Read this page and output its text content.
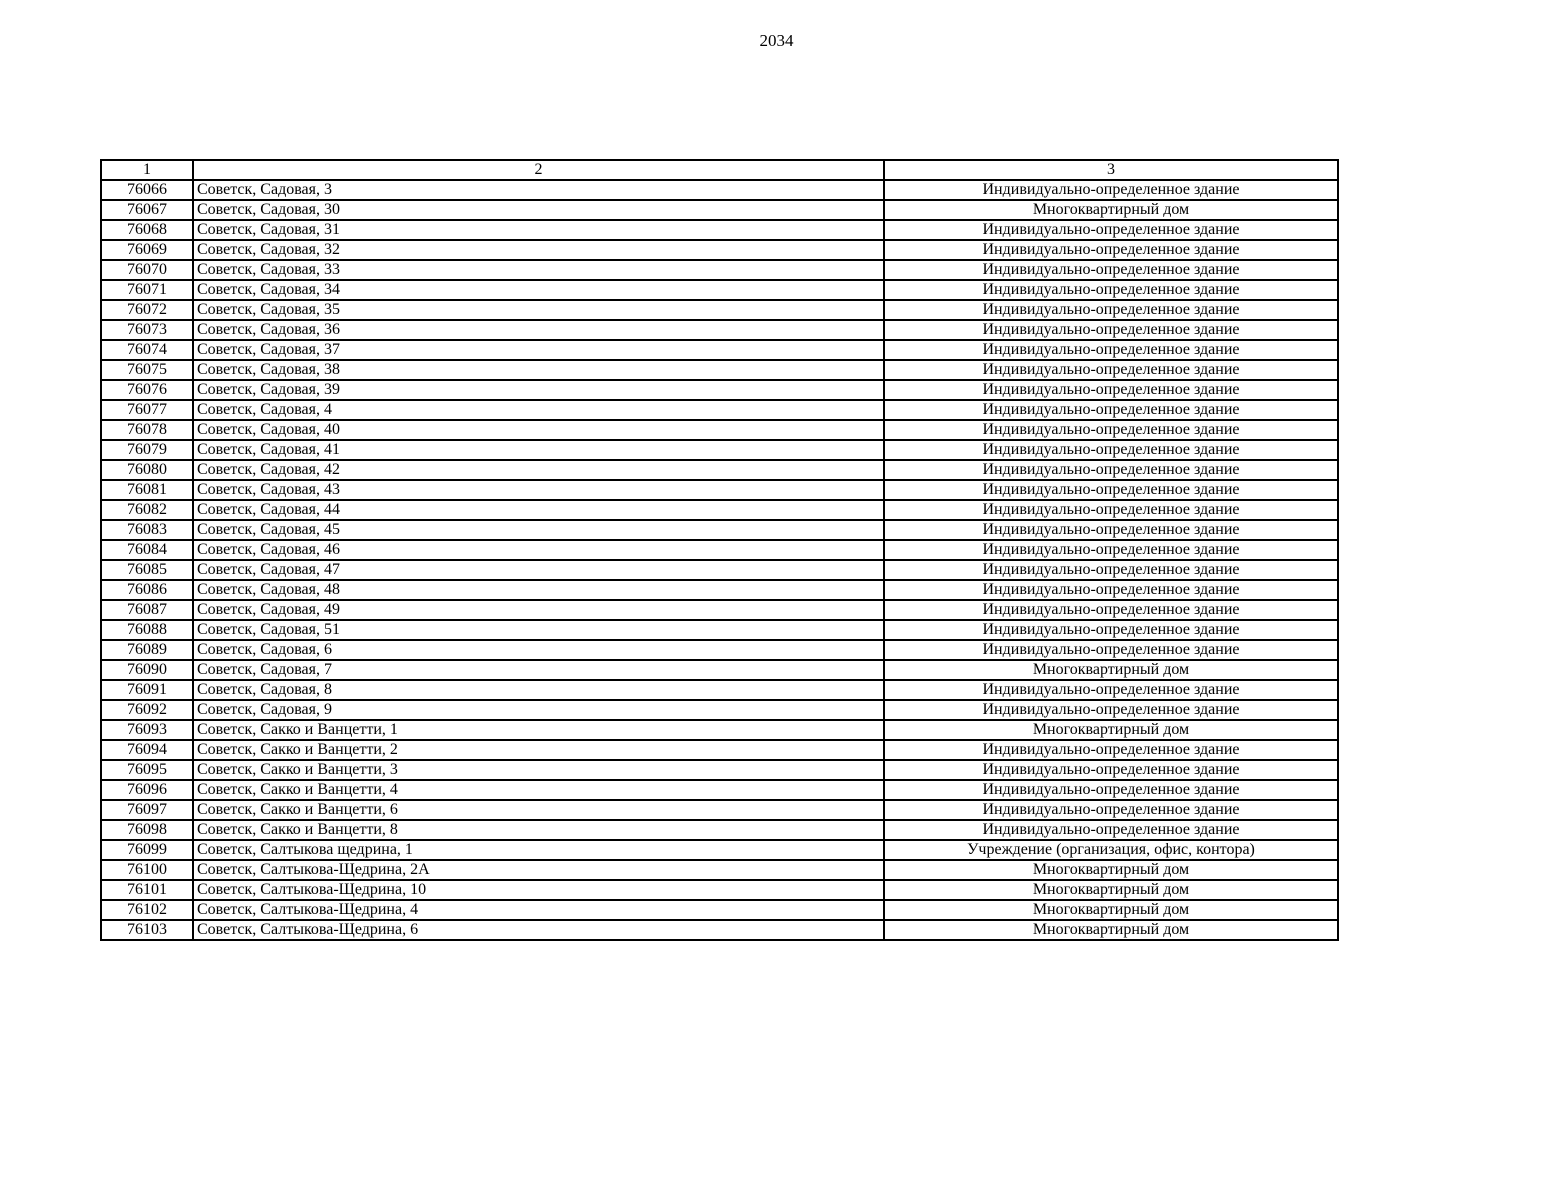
2034
1	2	3
76066	Советск, Садовая, 3	Индивидуально-определенное здание
76067	Советск, Садовая, 30	Многоквартирный дом
76068	Советск, Садовая, 31	Индивидуально-определенное здание
76069	Советск, Садовая, 32	Индивидуально-определенное здание
76070	Советск, Садовая, 33	Индивидуально-определенное здание
76071	Советск, Садовая, 34	Индивидуально-определенное здание
76072	Советск, Садовая, 35	Индивидуально-определенное здание
76073	Советск, Садовая, 36	Индивидуально-определенное здание
76074	Советск, Садовая, 37	Индивидуально-определенное здание
76075	Советск, Садовая, 38	Индивидуально-определенное здание
76076	Советск, Садовая, 39	Индивидуально-определенное здание
76077	Советск, Садовая, 4	Индивидуально-определенное здание
76078	Советск, Садовая, 40	Индивидуально-определенное здание
76079	Советск, Садовая, 41	Индивидуально-определенное здание
76080	Советск, Садовая, 42	Индивидуально-определенное здание
76081	Советск, Садовая, 43	Индивидуально-определенное здание
76082	Советск, Садовая, 44	Индивидуально-определенное здание
76083	Советск, Садовая, 45	Индивидуально-определенное здание
76084	Советск, Садовая, 46	Индивидуально-определенное здание
76085	Советск, Садовая, 47	Индивидуально-определенное здание
76086	Советск, Садовая, 48	Индивидуально-определенное здание
76087	Советск, Садовая, 49	Индивидуально-определенное здание
76088	Советск, Садовая, 51	Индивидуально-определенное здание
76089	Советск, Садовая, 6	Индивидуально-определенное здание
76090	Советск, Садовая, 7	Многоквартирный дом
76091	Советск, Садовая, 8	Индивидуально-определенное здание
76092	Советск, Садовая, 9	Индивидуально-определенное здание
76093	Советск, Сакко и Ванцетти, 1	Многоквартирный дом
76094	Советск, Сакко и Ванцетти, 2	Индивидуально-определенное здание
76095	Советск, Сакко и Ванцетти, 3	Индивидуально-определенное здание
76096	Советск, Сакко и Ванцетти, 4	Индивидуально-определенное здание
76097	Советск, Сакко и Ванцетти, 6	Индивидуально-определенное здание
76098	Советск, Сакко и Ванцетти, 8	Индивидуально-определенное здание
76099	Советск, Салтыкова щедрина, 1	Учреждение (организация, офис, контора)
76100	Советск, Салтыкова-Щедрина, 2А	Многоквартирный дом
76101	Советск, Салтыкова-Щедрина, 10	Многоквартирный дом
76102	Советск, Салтыкова-Щедрина, 4	Многоквартирный дом
76103	Советск, Салтыкова-Щедрина, 6	Многоквартирный дом
